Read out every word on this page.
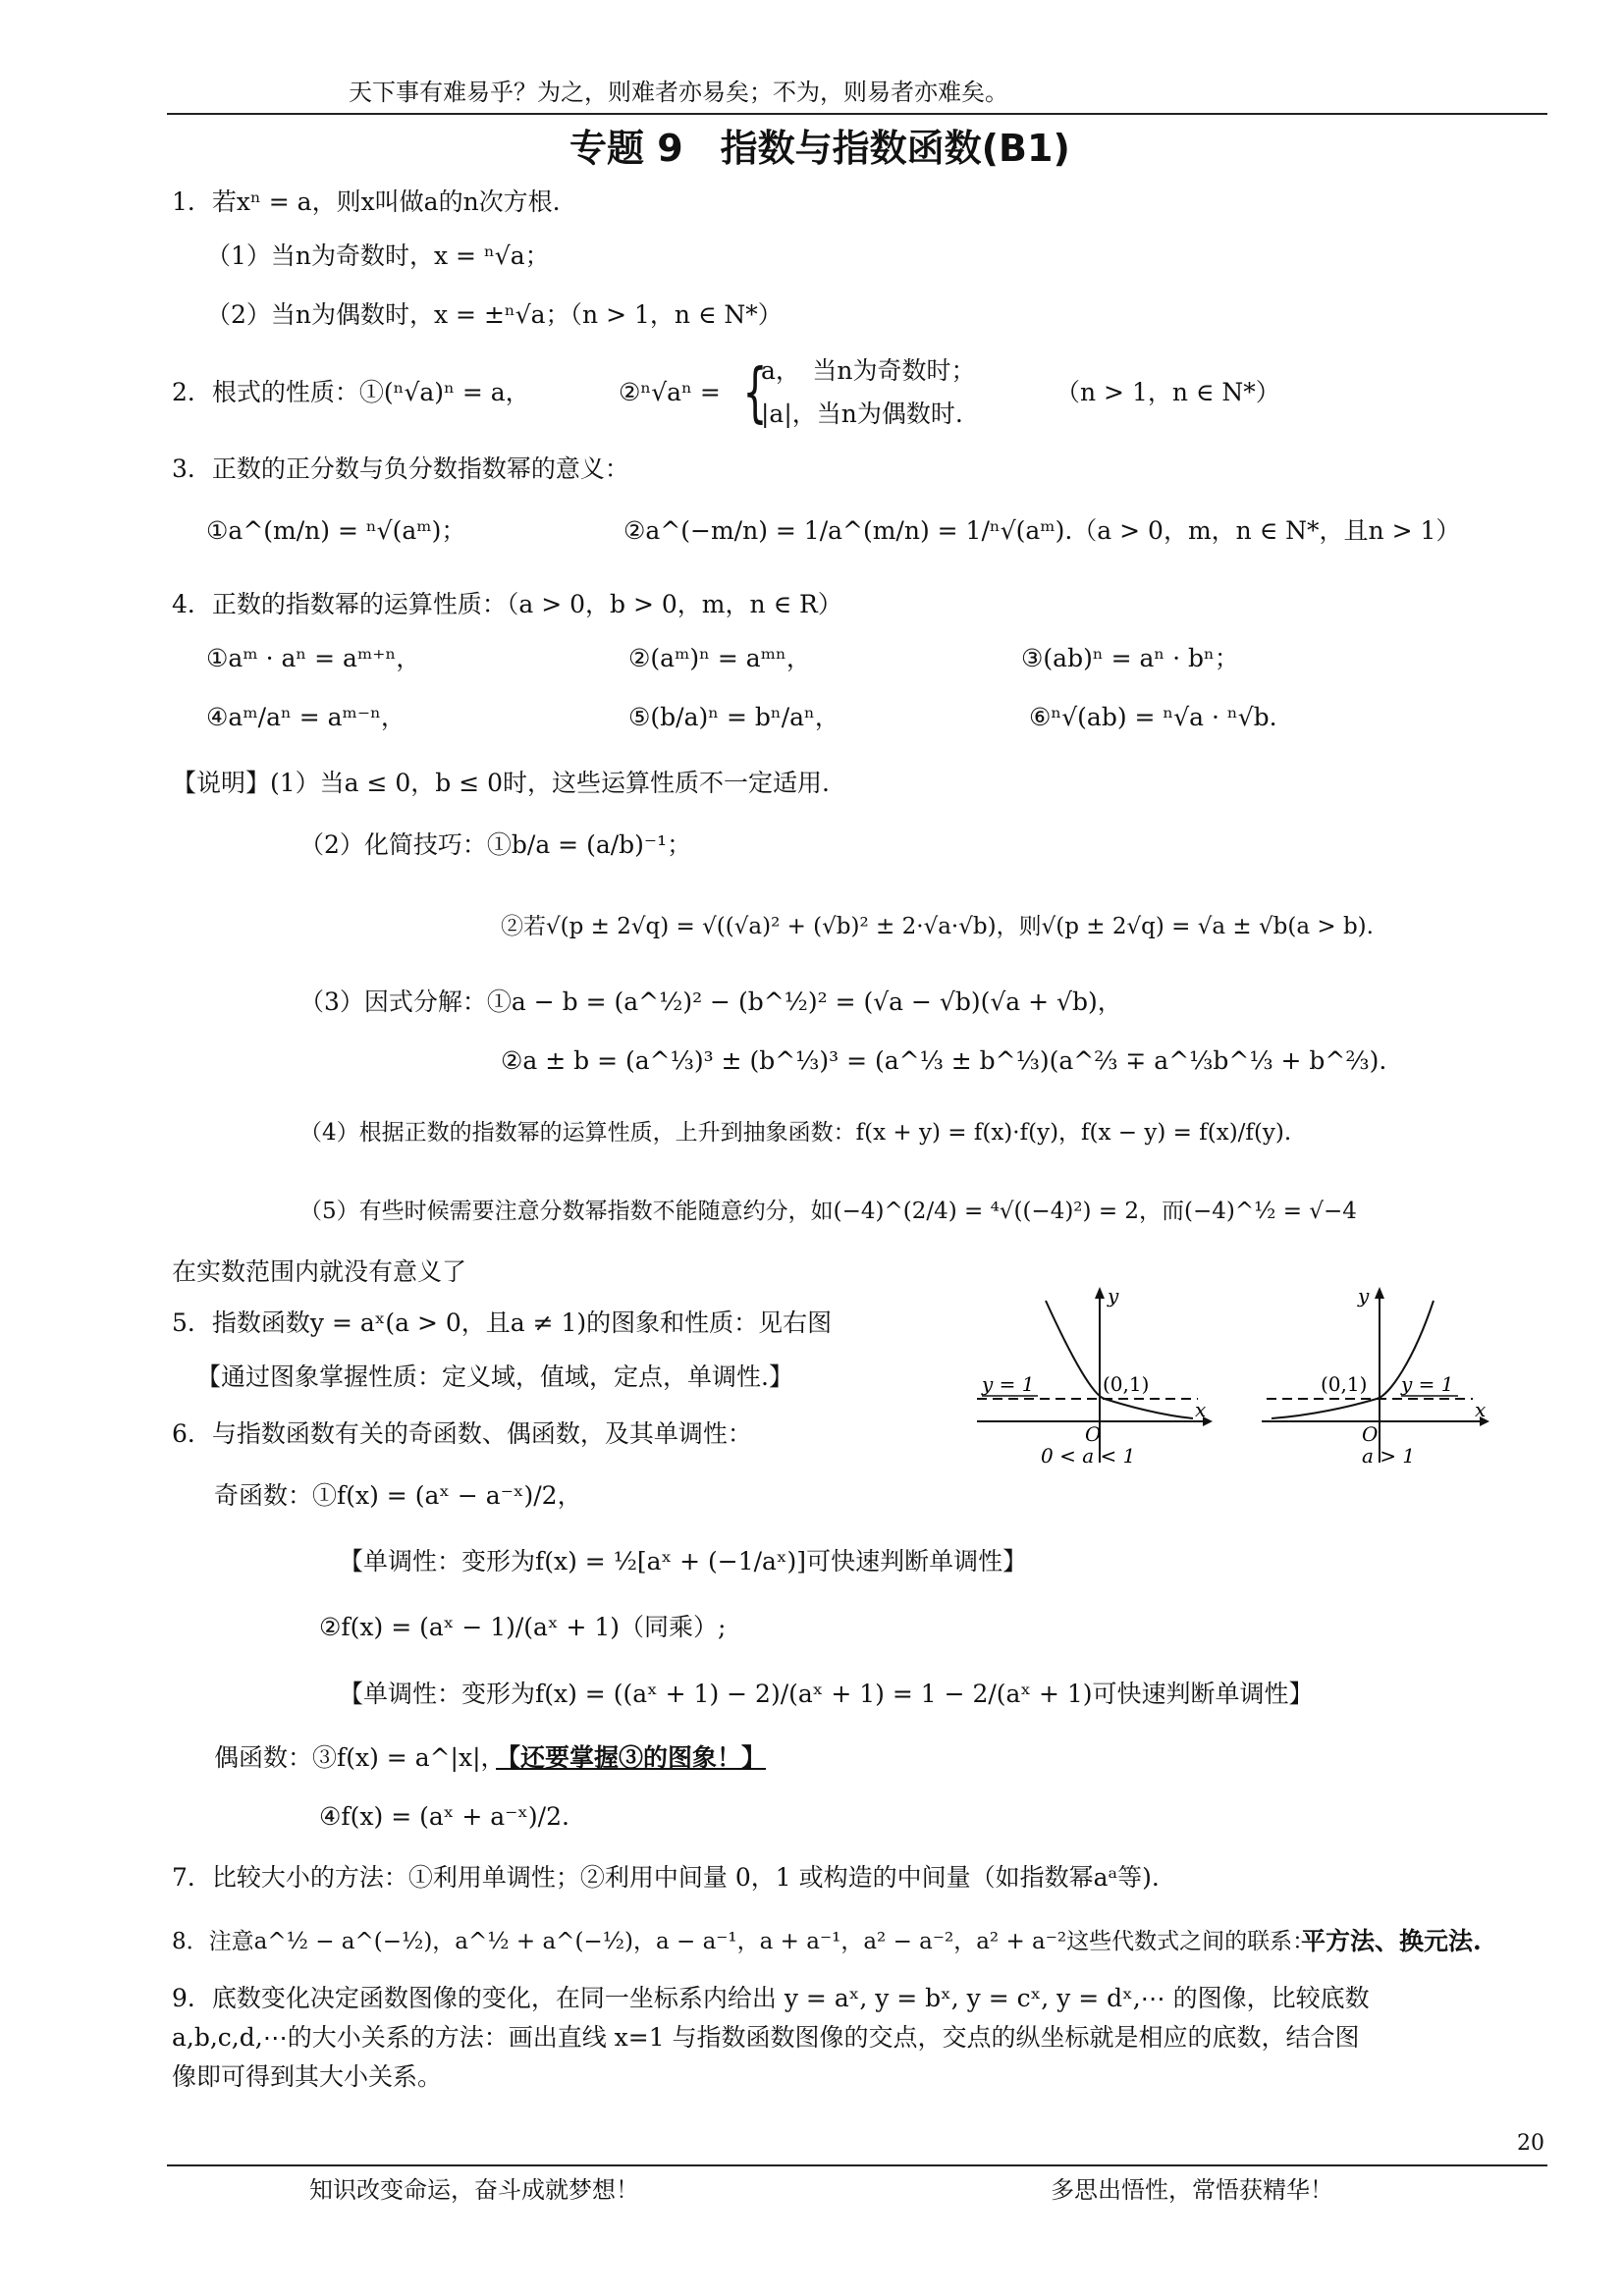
天下事有难易乎？为之，则难者亦易矣；不为，则易者亦难矣。
专题 9　指数与指数函数(B1)
1．若xⁿ = a，则x叫做a的n次方根.
（1）当n为奇数时，x = ⁿ√a；
（2）当n为偶数时，x = ±ⁿ√a；（n > 1，n ∈ N*）
2．根式的性质：①(ⁿ√a)ⁿ = a，	②ⁿ√aⁿ = {
a，　当n为奇数时；
|a|，当n为偶数时.
（n > 1，n ∈ N*）
3．正数的正分数与负分数指数幂的意义：
①a^(m/n) = ⁿ√(aᵐ)；	②a^(−m/n) = 1/a^(m/n) = 1/ⁿ√(aᵐ).（a > 0，m，n ∈ N*，且n > 1）
4．正数的指数幂的运算性质：（a > 0，b > 0，m，n ∈ R）
①aᵐ · aⁿ = aᵐ⁺ⁿ，	②(aᵐ)ⁿ = aᵐⁿ，	③(ab)ⁿ = aⁿ · bⁿ；
④aᵐ/aⁿ = aᵐ⁻ⁿ，	⑤(b/a)ⁿ = bⁿ/aⁿ，	⑥ⁿ√(ab) = ⁿ√a · ⁿ√b.
【说明】(1）当a ≤ 0，b ≤ 0时，这些运算性质不一定适用.
（2）化简技巧：①b/a = (a/b)⁻¹；
②若√(p ± 2√q) = √((√a)² + (√b)² ± 2·√a·√b)，则√(p ± 2√q) = √a ± √b(a > b).
（3）因式分解：①a − b = (a^½)² − (b^½)² = (√a − √b)(√a + √b)，
②a ± b = (a^⅓)³ ± (b^⅓)³ = (a^⅓ ± b^⅓)(a^⅔ ∓ a^⅓b^⅓ + b^⅔).
（4）根据正数的指数幂的运算性质，上升到抽象函数：f(x + y) = f(x)·f(y)，f(x − y) = f(x)/f(y).
（5）有些时候需要注意分数幂指数不能随意约分，如(−4)^(2/4) = ⁴√((−4)²) = 2，而(−4)^½ = √−4
在实数范围内就没有意义了
5．指数函数y = aˣ(a > 0，且a ≠ 1)的图象和性质：见右图
【通过图象掌握性质：定义域，值域，定点，单调性.】
6．与指数函数有关的奇函数、偶函数，及其单调性：
奇函数：①f(x) = (aˣ − a⁻ˣ)/2，
【单调性：变形为f(x) = ½[aˣ + (−1/aˣ)]可快速判断单调性】
②f(x) = (aˣ − 1)/(aˣ + 1)（同乘）;
【单调性：变形为f(x) = ((aˣ + 1) − 2)/(aˣ + 1) = 1 − 2/(aˣ + 1)可快速判断单调性】
偶函数：③f(x) = a^|x|，
【还要掌握③的图象！】
④f(x) = (aˣ + a⁻ˣ)/2.
7．比较大小的方法：①利用单调性；②利用中间量 0，1 或构造的中间量（如指数幂aᵃ等).
8．注意a^½ − a^(−½)，a^½ + a^(−½)，a − a⁻¹，a + a⁻¹，a² − a⁻²，a² + a⁻²这些代数式之间的联系：
平方法、换元法.
9．底数变化决定函数图像的变化，在同一坐标系内给出 y = aˣ, y = bˣ, y = cˣ, y = dˣ,⋯ 的图像，比较底数
a,b,c,d,⋯的大小关系的方法：画出直线 x=1 与指数函数图像的交点，交点的纵坐标就是相应的底数，结合图
像即可得到其大小关系。
y
x
O
(0,1)
y = 1
0 < a < 1
y
x
O
(0,1) y = 1
a > 1
20
知识改变命运，奋斗成就梦想！	多思出悟性，常悟获精华！
